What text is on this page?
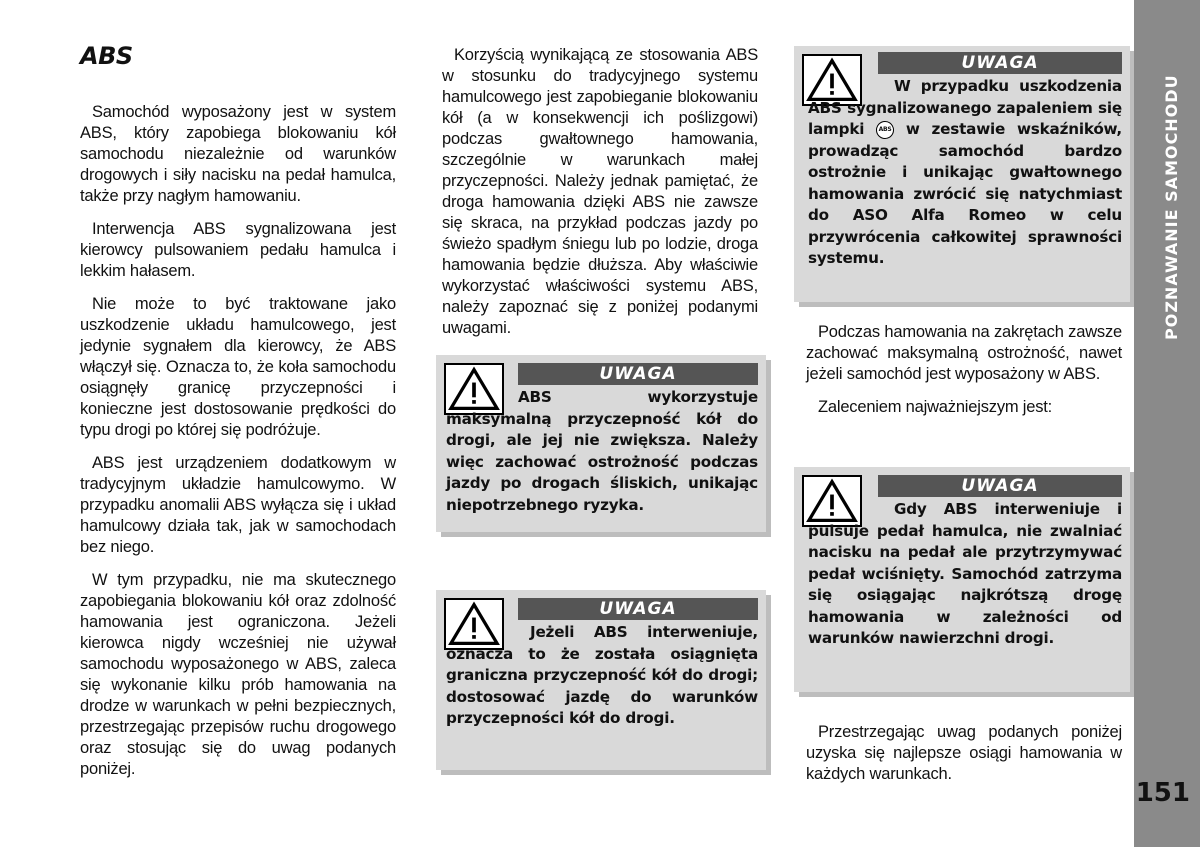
ABS

Samochód wyposażony jest w system ABS, który zapobiega blokowaniu kół samochodu niezależnie od warunków drogowych i siły nacisku na pedał hamulca, także przy nagłym hamowaniu.

Interwencja ABS sygnalizowana jest kierowcy pulsowaniem pedału hamulca i lekkim hałasem.

Nie może to być traktowane jako uszkodzenie układu hamulcowego, jest jedynie sygnałem dla kierowcy, że ABS włączył się. Oznacza to, że koła samochodu osiągnęły granicę przyczepności i konieczne jest dostosowanie prędkości do typu drogi po której się podróżuje.

ABS jest urządzeniem dodatkowym w tradycyjnym układzie hamulcowymo. W przypadku anomalii ABS wyłącza się i układ hamulcowy działa tak, jak w samochodach bez niego.

W tym przypadku, nie ma skutecznego zapobiegania blokowaniu kół oraz zdolność hamowania jest ograniczona. Jeżeli kierowca nigdy wcześniej nie używał samochodu wyposażonego w ABS, zaleca się wykonanie kilku prób hamowania na drodze w warunkach w pełni bezpiecznych, przestrzegając przepisów ruchu drogowego oraz stosując się do uwag podanych poniżej.

Korzyścią wynikającą ze stosowania ABS w stosunku do tradycyjnego systemu hamulcowego jest zapobieganie blokowaniu kół (a w konsekwencji ich poślizgowi) podczas gwałtownego hamowania, szczególnie w warunkach małej przyczepności. Należy jednak pamiętać, że droga hamowania dzięki ABS nie zawsze się skraca, na przykład podczas jazdy po świeżo spadłym śniegu lub po lodzie, droga hamowania będzie dłuższa. Aby właściwie wykorzystać właściwości systemu ABS, należy zapoznać się z poniżej podanymi uwagami.

UWAGA
ABS wykorzystuje maksymalną przyczepność kół do drogi, ale jej nie zwiększa. Należy więc zachować ostrożność podczas jazdy po drogach śliskich, unikając niepotrzebnego ryzyka.
UWAGA
Jeżeli ABS interweniuje, oznacza to że została osiągnięta graniczna przyczepność kół do drogi; dostosować jazdę do warunków przyczepności kół do drogi.
UWAGA
W przypadku uszkodzenia ABS sygnalizowanego zapaleniem się lampki ABS w zestawie wskaźników, prowadząc samochód bardzo ostrożnie i unikając gwałtownego hamowania zwrócić się natychmiast do ASO Alfa Romeo w celu przywrócenia całkowitej sprawności systemu.

Podczas hamowania na zakrętach zawsze zachować maksymalną ostrożność, nawet jeżeli samochód jest wyposażony w ABS.

Zaleceniem najważniejszym jest:

UWAGA
Gdy ABS interweniuje i pulsuje pedał hamulca, nie zwalniać nacisku na pedał ale przytrzymywać pedał wciśnięty. Samochód zatrzyma się osiągając najkrótszą drogę hamowania w zależności od warunków nawierzchni drogi.

Przestrzegając uwag podanych poniżej uzyska się najlepsze osiągi hamowania w każdych warunkach.

POZNAWANIE SAMOCHODU
151
